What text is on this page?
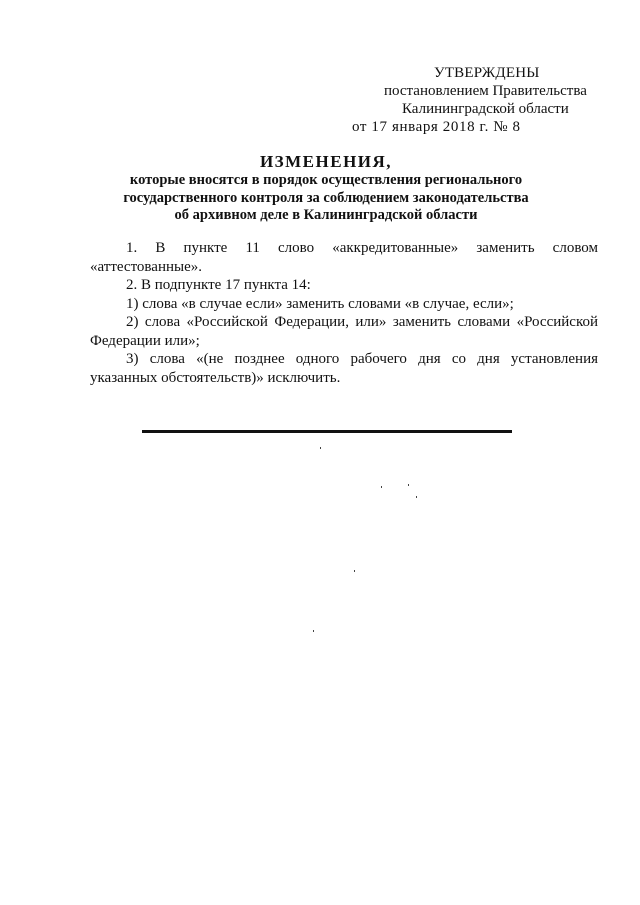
УТВЕРЖДЕНЫ
постановлением Правительства
Калининградской области
от 17 января 2018 г. № 8
ИЗМЕНЕНИЯ,
которые вносятся в порядок осуществления регионального
государственного контроля за соблюдением законодательства
об архивном деле в Калининградской области

1. В пункте 11 слово «аккредитованные» заменить словом «аттестованные».

2. В подпункте 17 пункта 14:

1) слова «в случае если» заменить словами «в случае, если»;

2) слова «Российской Федерации, или» заменить словами «Российской Федерации или»;

3) слова «(не позднее одного рабочего дня со дня установления указанных обстоятельств)» исключить.
